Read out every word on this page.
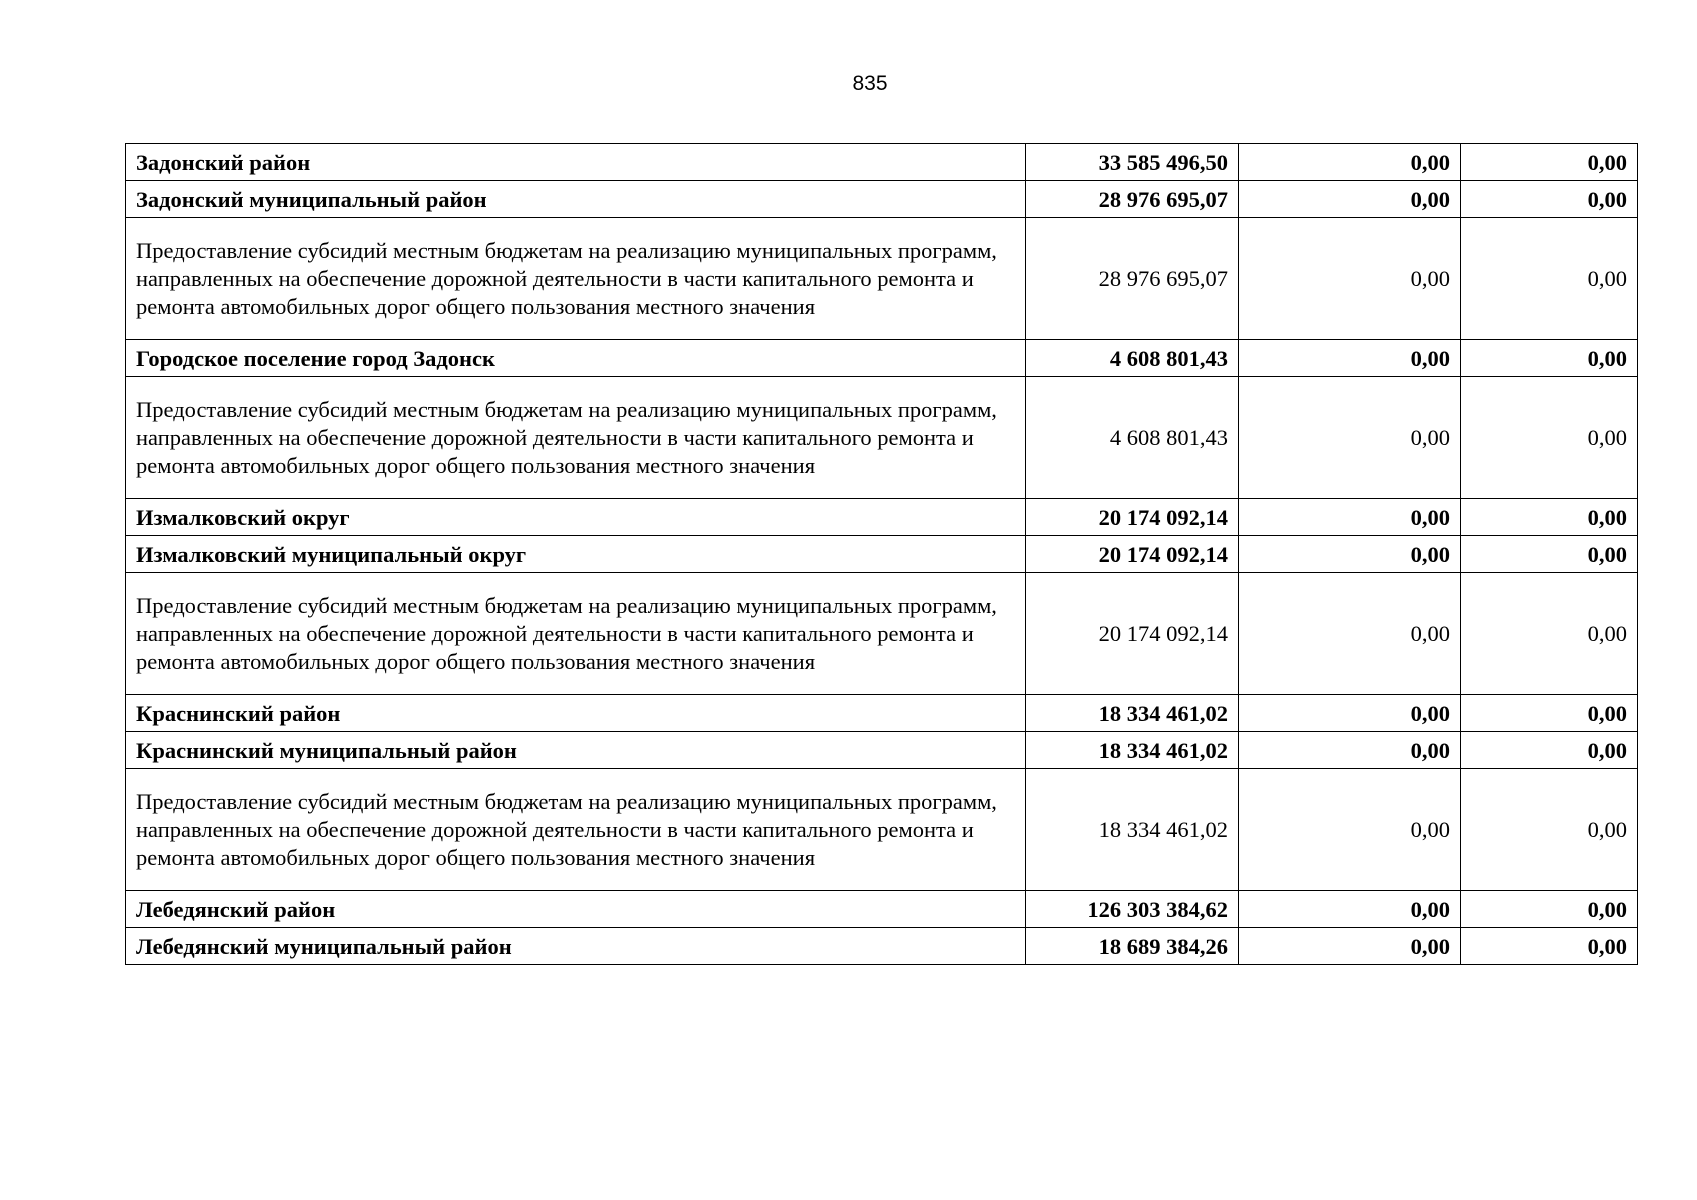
835
Задонский район	33 585 496,50	0,00	0,00
Задонский муниципальный район	28 976 695,07	0,00	0,00
Предоставление субсидий местным бюджетам на реализацию муниципальных программ, направленных на обеспечение дорожной деятельности в части капитального ремонта и ремонта автомобильных дорог общего пользования местного значения	28 976 695,07	0,00	0,00
Городское поселение город Задонск	4 608 801,43	0,00	0,00
Предоставление субсидий местным бюджетам на реализацию муниципальных программ, направленных на обеспечение дорожной деятельности в части капитального ремонта и ремонта автомобильных дорог общего пользования местного значения	4 608 801,43	0,00	0,00
Измалковский округ	20 174 092,14	0,00	0,00
Измалковский муниципальный округ	20 174 092,14	0,00	0,00
Предоставление субсидий местным бюджетам на реализацию муниципальных программ, направленных на обеспечение дорожной деятельности в части капитального ремонта и ремонта автомобильных дорог общего пользования местного значения	20 174 092,14	0,00	0,00
Краснинский район	18 334 461,02	0,00	0,00
Краснинский муниципальный район	18 334 461,02	0,00	0,00
Предоставление субсидий местным бюджетам на реализацию муниципальных программ, направленных на обеспечение дорожной деятельности в части капитального ремонта и ремонта автомобильных дорог общего пользования местного значения	18 334 461,02	0,00	0,00
Лебедянский район	126 303 384,62	0,00	0,00
Лебедянский муниципальный район	18 689 384,26	0,00	0,00
